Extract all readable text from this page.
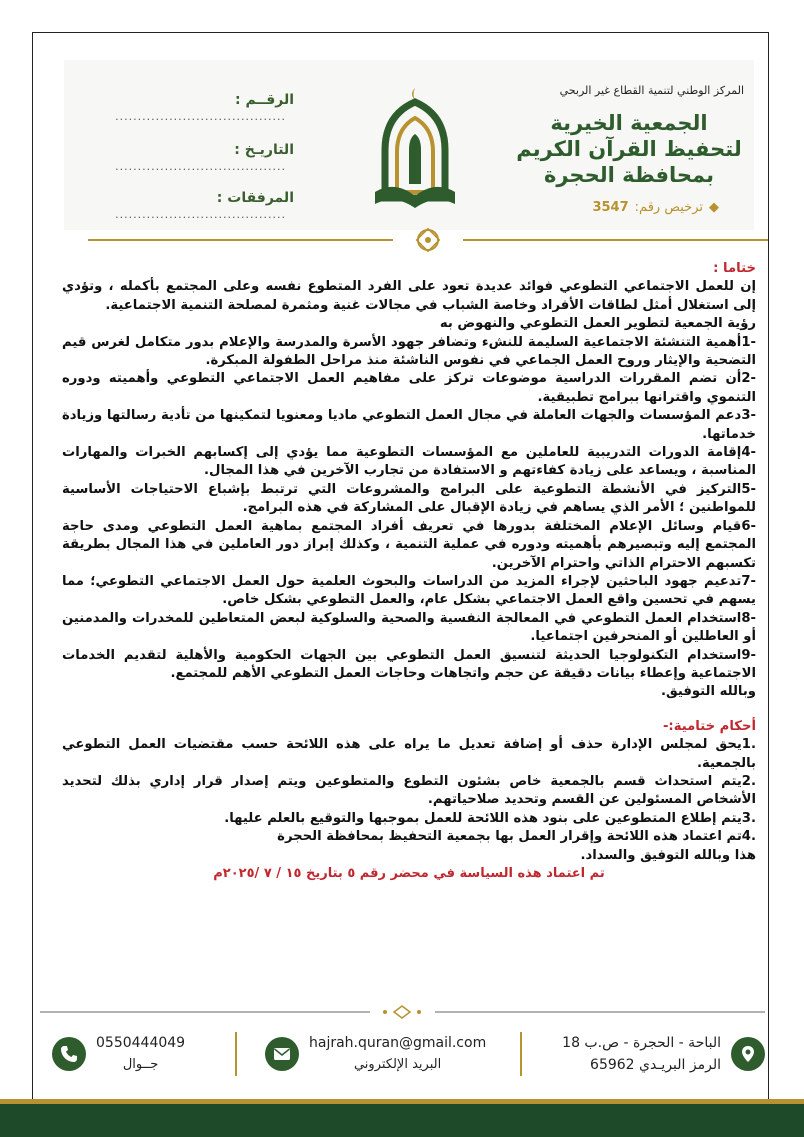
المركز الوطني لتنمية القطاع غير الربحي
الجمعية الخيرية
لتحفيظ القرآن الكريم
بمحافظة الحجرة
◆ترخيص رقم:3547
الرقــم :......................................
التاريـخ :......................................
المرفقات :......................................

ختاما :

إن للعمل الاجتماعي التطوعي فوائد عديدة تعود على الفرد المتطوع نفسه وعلى المجتمع بأكمله ، وتؤدي إلى استغلال أمثل لطاقات الأفراد وخاصة الشباب في مجالات غنية ومثمرة لمصلحة التنمية الاجتماعية.

رؤية الجمعية لتطوير العمل التطوعي والنهوض به

-1أهمية التنشئة الاجتماعية السليمة للنشء وتضافر جهود الأسرة والمدرسة والإعلام بدور متكامل لغرس قيم التضحية والإيثار وروح العمل الجماعي في نفوس الناشئة منذ مراحل الطفولة المبكرة.

-2أن تضم المقررات الدراسية موضوعات تركز على مفاهيم العمل الاجتماعي التطوعي وأهميته ودوره التنموي واقترانها ببرامج تطبيقية.

-3دعم المؤسسات والجهات العاملة في مجال العمل التطوعي ماديا ومعنويا لتمكينها من تأدية رسالتها وزيادة خدماتها.

-4إقامة الدورات التدريبية للعاملين مع المؤسسات التطوعية مما يؤدي إلى إكسابهم الخبرات والمهارات المناسبة ، ويساعد على زيادة كفاءتهم و الاستفادة من تجارب الآخرين في هذا المجال.

-5التركيز في الأنشطة التطوعية على البرامج والمشروعات التي ترتبط بإشباع الاحتياجات الأساسية للمواطنين ؛ الأمر الذي يساهم في زيادة الإقبال على المشاركة في هذه البرامج.

-6قيام وسائل الإعلام المختلفة بدورها في تعريف أفراد المجتمع بماهية العمل التطوعي ومدى حاجة المجتمع إليه وتبصيرهم بأهميته ودوره في عملية التنمية ، وكذلك إبراز دور العاملين في هذا المجال بطريقة تكسبهم الاحترام الذاتي واحترام الآخرين.

-7تدعيم جهود الباحثين لإجراء المزيد من الدراسات والبحوث العلمية حول العمل الاجتماعي التطوعي؛ مما يسهم في تحسين واقع العمل الاجتماعي بشكل عام، والعمل التطوعي بشكل خاص.

-8استخدام العمل التطوعي في المعالجة النفسية والصحية والسلوكية لبعض المتعاطين للمخدرات والمدمنين أو العاطلين أو المنحرفين اجتماعيا.

-9استخدام التكنولوجيا الحديثة لتنسيق العمل التطوعي بين الجهات الحكومية والأهلية لتقديم الخدمات الاجتماعية وإعطاء بيانات دقيقة عن حجم واتجاهات وحاجات العمل التطوعي الأهم للمجتمع.

وبالله التوفيق.

أحكام ختامية:-

.1يحق لمجلس الإدارة حذف أو إضافة تعديل ما يراه على هذه اللائحة حسب مقتضيات العمل التطوعي بالجمعية.

.2يتم استحداث قسم بالجمعية خاص بشئون التطوع والمتطوعين ويتم إصدار قرار إداري بذلك لتحديد الأشخاص المسئولين عن القسم وتحديد صلاحياتهم.

.3يتم إطلاع المتطوعين على بنود هذه اللائحة للعمل بموجبها والتوقيع بالعلم عليها.

.4تم اعتماد هذه اللائحة وإقرار العمل بها بجمعية التحفيظ بمحافظة الحجرة

هذا وبالله التوفيق والسداد.

تم اعتماد هذه السياسة في محضر رقم ٥ بتاريخ ١٥ / ٧ /٢٠٢٥م

الباحة - الحجرة - ص.ب 18
الرمز البريـدي 65962
hajrah.quran@gmail.com
البريد الإلكتروني
0550444049
جــوال
